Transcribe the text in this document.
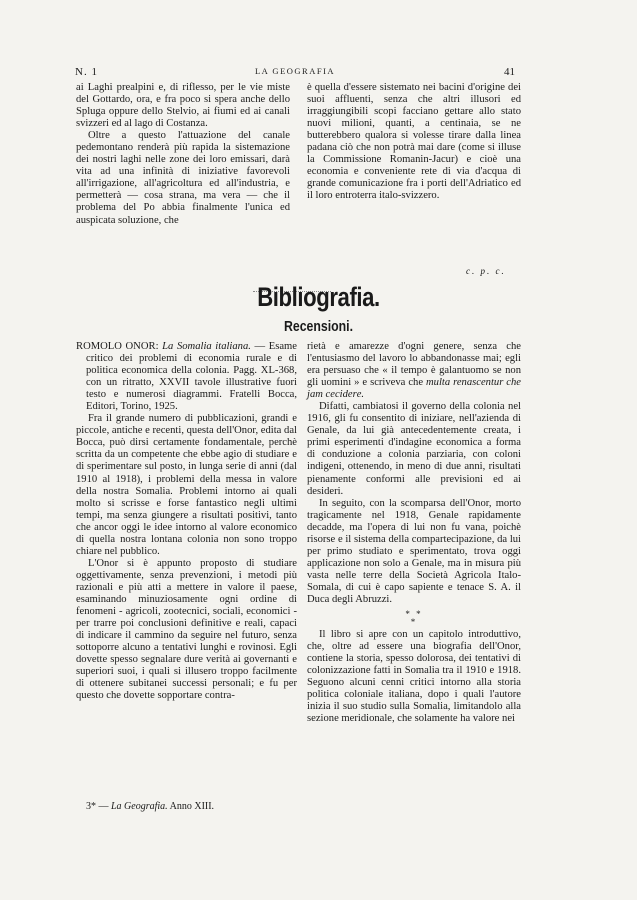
N. 1	LA GEOGRAFIA	41

ai Laghi prealpini e, di riflesso, per le vie miste del Gottardo, ora, e fra poco si spera anche dello Spluga oppure dello Stelvio, ai fiumi ed ai canali svizzeri ed al lago di Costanza.

Oltre a questo l'attuazione del canale pedemontano renderà più rapida la sistemazione dei nostri laghi nelle zone dei loro emissari, darà vita ad una infinità di iniziative favorevoli all'irrigazione, all'agricoltura ed all'industria, e permetterà — cosa strana, ma vera — che il problema del Po abbia finalmente l'unica ed auspicata soluzione, che

è quella d'essere sistemato nei bacini d'origine dei suoi affluenti, senza che altri illusori ed irraggiungibili scopi facciano gettare allo stato nuovi milioni, quanti, a centinaia, se ne butterebbero qualora si volesse tirare dalla linea padana ciò che non potrà mai dare (come si illuse la Commissione Romanin-Jacur) e cioè una economia e conveniente rete di via d'acqua di grande comunicazione fra i porti dell'Adriatico ed il loro entroterra italo-svizzero.

c. p. c.
Bibliografia.
Recensioni.

ROMOLO ONOR: La Somalia italiana. — Esame critico dei problemi di economia rurale e di politica economica della colonia. Pagg. XL-368, con un ritratto, XXVII tavole illustrative fuori testo e numerosi diagrammi. Fratelli Bocca, Editori, Torino, 1925.

Fra il grande numero di pubblicazioni, grandi e piccole, antiche e recenti, questa dell'Onor, edita dal Bocca, può dirsi certamente fondamentale, perchè scritta da un competente che ebbe agio di studiare e di sperimentare sul posto, in lunga serie di anni (dal 1910 al 1918), i problemi della messa in valore della nostra Somalia. Problemi intorno ai quali molto si scrisse e forse fantastico negli ultimi tempi, ma senza giungere a risultati positivi, tanto che ancor oggi le idee intorno al valore economico di quella nostra lontana colonia non sono troppo chiare nel pubblico.

L'Onor si è appunto proposto di studiare oggettivamente, senza prevenzioni, i metodi più razionali e più atti a mettere in valore il paese, esaminando minuziosamente ogni ordine di fenomeni - agricoli, zootecnici, sociali, economici - per trarre poi conclusioni definitive e reali, capaci di indicare il cammino da seguire nel futuro, senza sottoporre alcuno a tentativi lunghi e rovinosi. Egli dovette spesso segnalare dure verità ai governanti e superiori suoi, i quali si illusero troppo facilmente di ottenere subitanei successi personali; e fu per questo che dovette sopportare contra-

rietà e amarezze d'ogni genere, senza che l'entusiasmo del lavoro lo abbandonasse mai; egli era persuaso che « il tempo è galantuomo se non gli uomini » e scriveva che multa renascentur che jam ceciderе.

Difatti, cambiatosi il governo della colonia nel 1916, gli fu consentito di iniziare, nell'azienda di Genale, da lui già antecedentemente creata, i primi esperimenti d'indagine economica a forma di conduzione a colonia parziaria, con coloni indigeni, ottenendo, in meno di due anni, risultati pienamente conformi alle previsioni ed ai desideri.

In seguito, con la scomparsa dell'Onor, morto tragicamente nel 1918, Genale rapidamente decadde, ma l'opera di lui non fu vana, poichè risorse e il sistema della compartecipazione, da lui per primo studiato e sperimentato, trova oggi applicazione non solo a Genale, ma in misura più vasta nelle terre della Società Agricola Italo-Somala, di cui è capo sapiente e tenace S. A. il Duca degli Abruzzi.

* *
*

Il libro si apre con un capitolo introduttivo, che, oltre ad essere una biografia dell'Onor, contiene la storia, spesso dolorosa, dei tentativi di colonizzazione fatti in Somalia tra il 1910 e 1918. Seguono alcuni cenni critici intorno alla storia politica coloniale italiana, dopo i quali l'autore inizia il suo studio sulla Somalia, limitandolo alla sezione meridionale, che solamente ha valore nei

3* — La Geografia. Anno XIII.
